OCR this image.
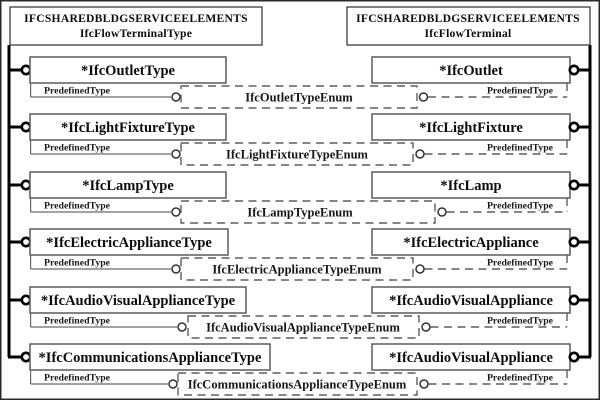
IFCSHAREDBLDGSERVICEELEMENTS
IfcFlowTerminalType
IFCSHAREDBLDGSERVICEELEMENTS
IfcFlowTerminal
*IfcOutletType
PredefinedType	IfcOutletTypeEnum	PredefinedType
*IfcOutlet
*IfcLightFixtureType
PredefinedType	IfcLightFixtureTypeEnum	PredefinedType
*IfcLightFixture
*IfcLampType
PredefinedType	IfcLampTypeEnum	PredefinedType
*IfcLamp
*IfcElectricApplianceType
PredefinedType	IfcElectricApplianceTypeEnum	PredefinedType
*IfcElectricAppliance
*IfcAudioVisualApplianceType
PredefinedType	IfcAudioVisualApplianceTypeEnum	PredefinedType
*IfcAudioVisualAppliance
*IfcCommunicationsApplianceType
PredefinedType	IfcCommunicationsApplianceTypeEnum	PredefinedType
*IfcAudioVisualAppliance
